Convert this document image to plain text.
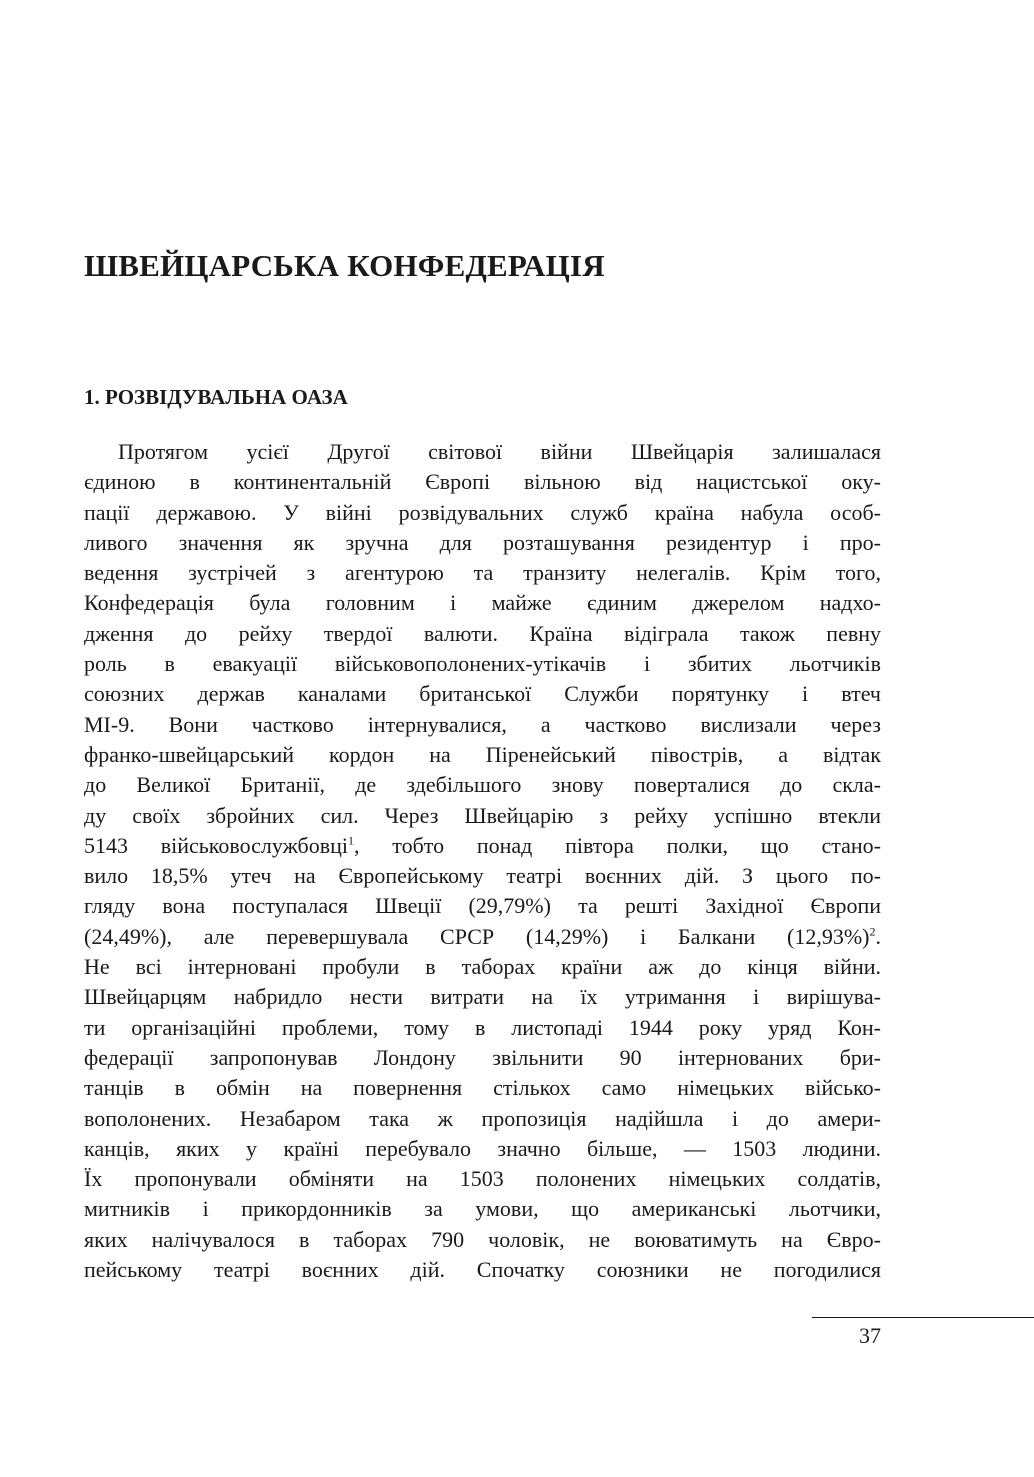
ШВЕЙЦАРСЬКА КОНФЕДЕРАЦІЯ
1. РОЗВІДУВАЛЬНА ОАЗА
Протягом усієї Другої світової війни Швейцарія залишалася
єдиною в континентальній Європі вільною від нацистської оку-
пації державою. У війні розвідувальних служб країна набула особ-
ливого значення як зручна для розташування резидентур і про-
ведення зустрічей з агентурою та транзиту нелегалів. Крім того,
Конфедерація була головним і майже єдиним джерелом надхо-
дження до рейху твердої валюти. Країна відіграла також певну
роль в евакуації військовополонених-утікачів і збитих льотчиків
союзних держав каналами британської Служби порятунку і втеч
МІ-9. Вони частково інтернувалися, а частково вислизали через
франко-швейцарський кордон на Піренейський півострів, а відтак
до Великої Британії, де здебільшого знову поверталися до скла-
ду своїх збройних сил. Через Швейцарію з рейху успішно втекли
5143 військовослужбовці$^1$, тобто понад півтора полки, що стано-
вило 18,5% утеч на Європейському театрі воєнних дій. З цього по-
гляду вона поступалася Швеції (29,79%) та решті Західної Європи
(24,49%), але перевершувала СРСР (14,29%) і Балкани $(12,93\%)^2$.
Не всі інтерновані пробули в таборах країни аж до кінця війни.
Швейцарцям набридло нести витрати на їх утримання і вирішува-
ти організаційні проблеми, тому в листопаді 1944 року уряд Кон-
федерації запропонував Лондону звільнити 90 інтернованих бри-
танців в обмін на повернення стількох само німецьких військо-
вополонених. Незабаром така ж пропозиція надійшла і до амери-
канців, яких у країні перебувало значно більше, — 1503 людини.
Їх пропонували обміняти на 1503 полонених німецьких солдатів,
митників і прикордонників за умови, що американські льотчики,
яких налічувалося в таборах 790 чоловік, не воюватимуть на Євро-
пейському театрі воєнних дій. Спочатку союзники не погодилися
37
